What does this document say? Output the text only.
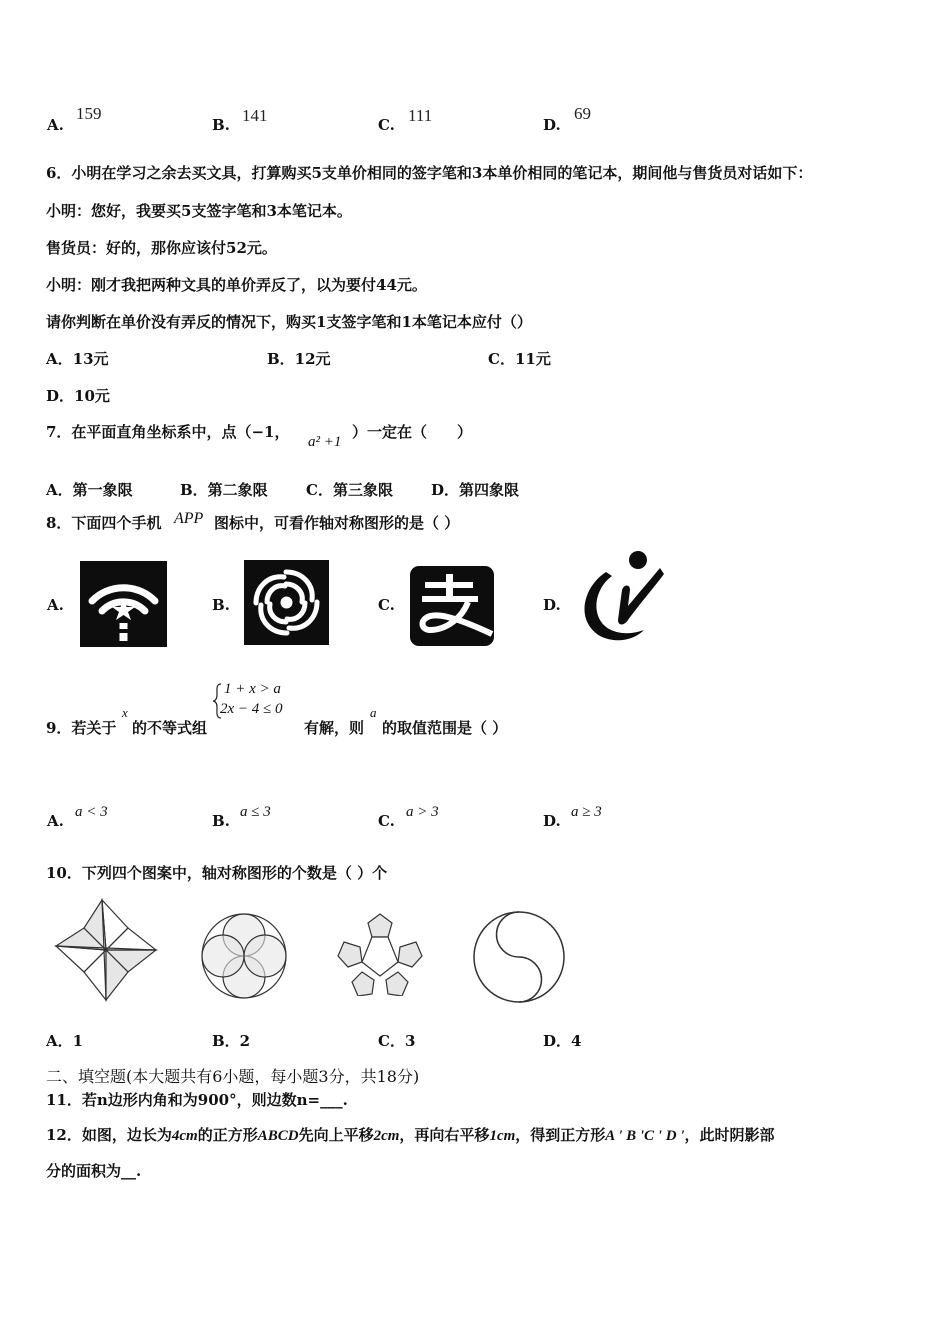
A.
159
B. 141	C. 111	D.
69
6．小明在学习之余去买文具，打算购买5支单价相同的签字笔和3本单价相同的笔记本，期间他与售货员对话如下：
小明：您好，我要买5支签字笔和3本笔记本。
售货员：好的，那你应该付52元。
小明：刚才我把两种文具的单价弄反了，以为要付44元。
请你判断在单价没有弄反的情况下，购买1支签字笔和1本笔记本应付（）
A．13元	B．12元	C．11元
D．10元
7．在平面直角坐标系中，点（−1，
a² +1
）一定在（　　）
A．第一象限	B．第二象限	C．第三象限	D．第四象限
8．下面四个手机 APP 图标中，可看作轴对称图形的是（ ）
A.	B.	C.	D.
9．若关于
x
的不等式组
1 + x > a
2x − 4 ≤ 0
有解，则
a
的取值范围是（ ）
A. a < 3	B. a ≤ 3	C. a > 3	D. a ≥ 3
10．下列四个图案中，轴对称图形的个数是（ ）个
A．1	B．2	C．3	D．4
二、填空题(本大题共有6小题，每小题3分，共18分)
11．若n边形内角和为900°，则边数n=___.
12．如图，边长为4cm的正方形ABCD先向上平移2cm，再向右平移1cm，得到正方形A ' B 'C ' D '，此时阴影部
分的面积为__.
